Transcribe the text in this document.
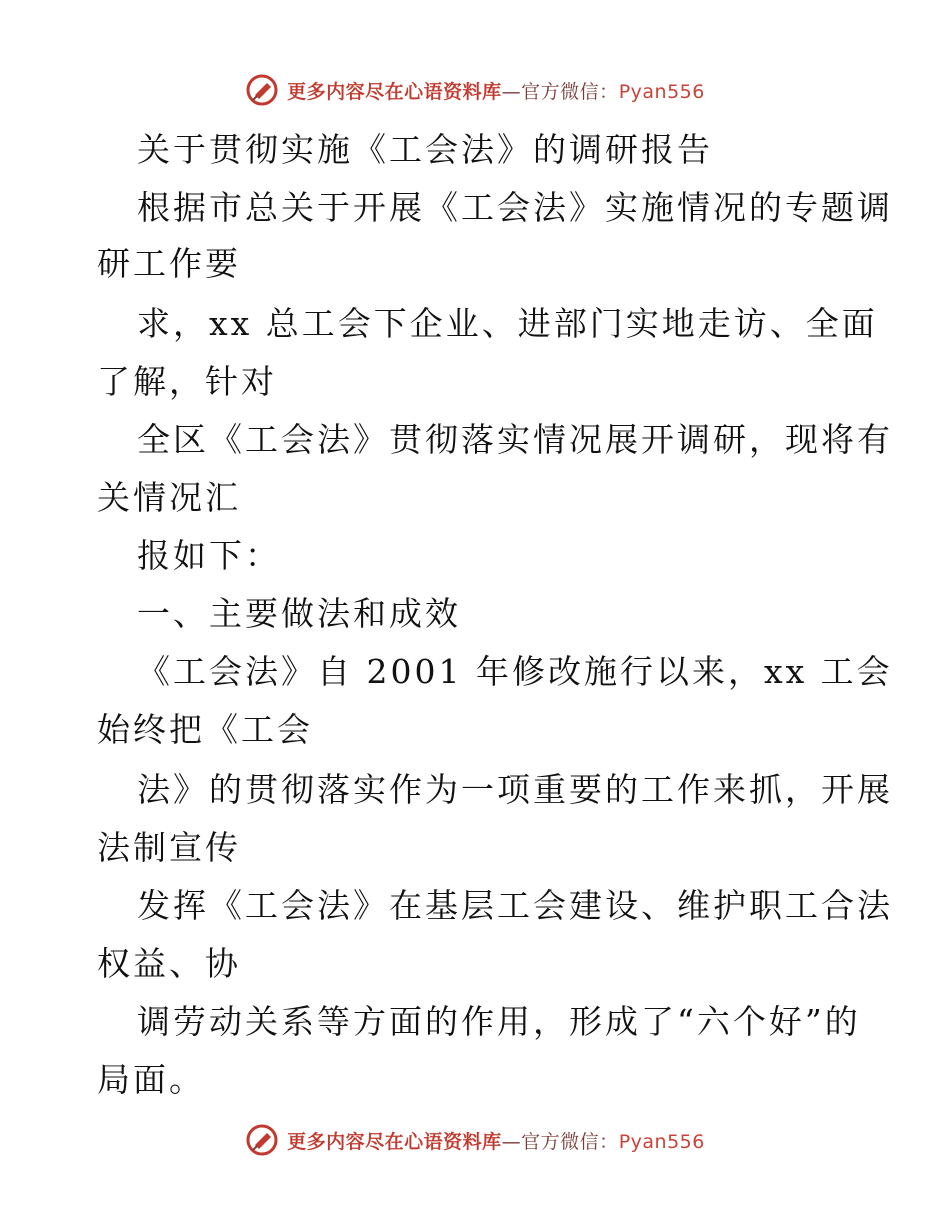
更多内容尽在心语资料库—官方微信：Pyan556
关于贯彻实施《工会法》的调研报告
根据市总关于开展《工会法》实施情况的专题调
研工作要
求，xx 总工会下企业、进部门实地走访、全面
了解，针对
全区《工会法》贯彻落实情况展开调研，现将有
关情况汇
报如下：
一、主要做法和成效
《工会法》自 2001 年修改施行以来，xx 工会
始终把《工会
法》的贯彻落实作为一项重要的工作来抓，开展
法制宣传
发挥《工会法》在基层工会建设、维护职工合法
权益、协
调劳动关系等方面的作用，形成了“六个好”的
局面。
更多内容尽在心语资料库—官方微信：Pyan556
